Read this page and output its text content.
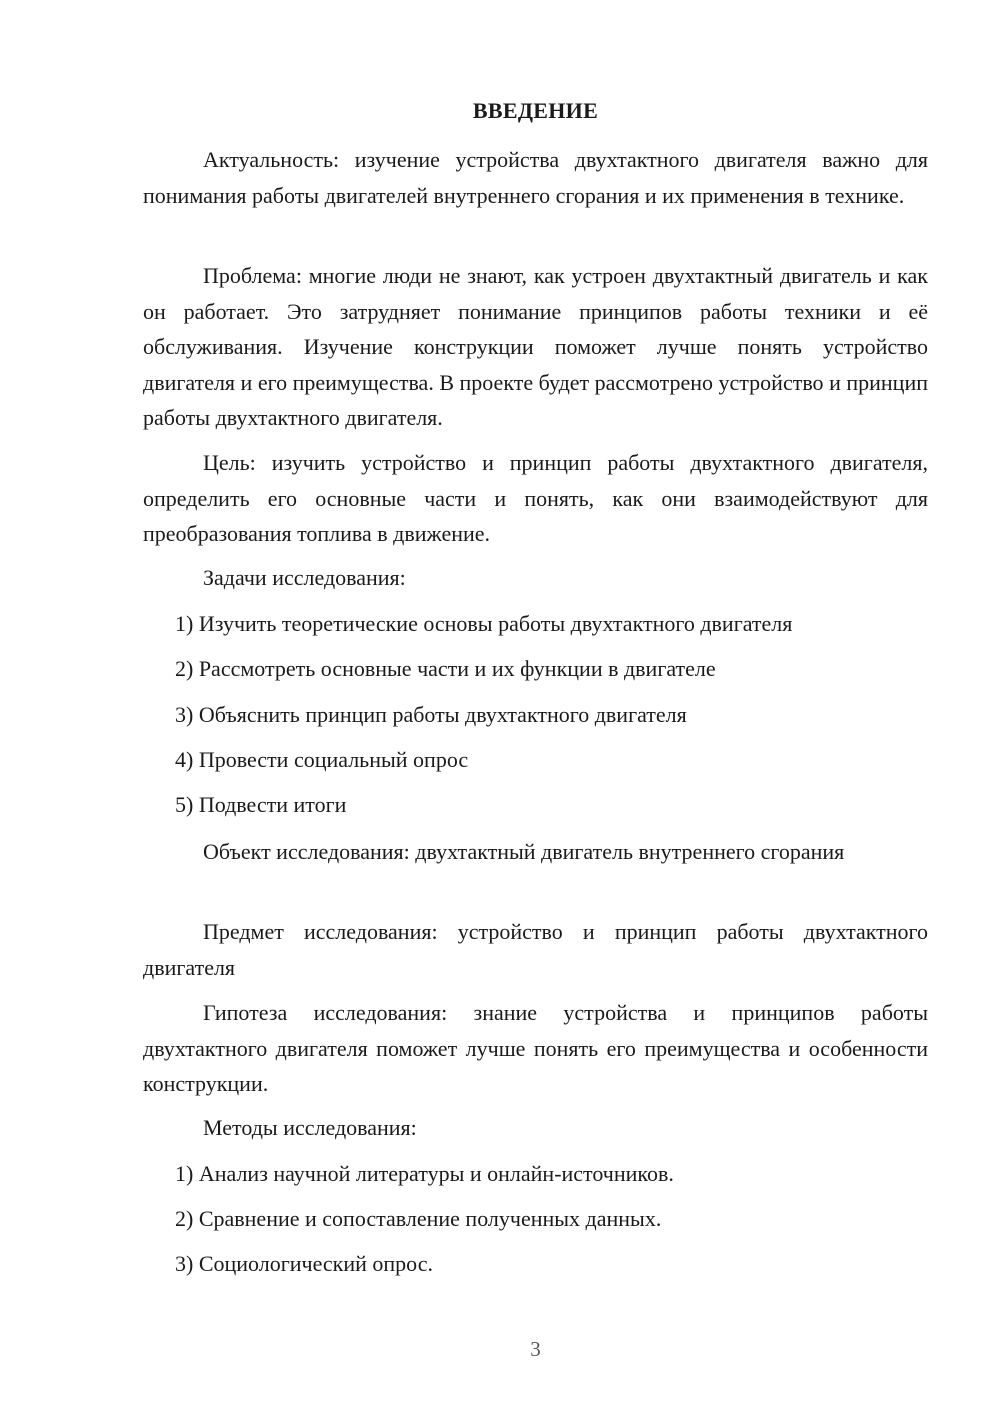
ВВЕДЕНИЕ

Актуальность: изучение устройства двухтактного двигателя важно для понимания работы двигателей внутреннего сгорания и их применения в технике.

Проблема: многие люди не знают, как устроен двухтактный двигатель и как он работает. Это затрудняет понимание принципов работы техники и её обслуживания. Изучение конструкции поможет лучше понять устройство двигателя и его преимущества. В проекте будет рассмотрено устройство и принцип работы двухтактного двигателя.

Цель: изучить устройство и принцип работы двухтактного двигателя, определить его основные части и понять, как они взаимодействуют для преобразования топлива в движение.

Задачи исследования:

1) Изучить теоретические основы работы двухтактного двигателя

2) Рассмотреть основные части и их функции в двигателе

3) Объяснить принцип работы двухтактного двигателя

4) Провести социальный опрос

5) Подвести итоги

Объект исследования: двухтактный двигатель внутреннего сгорания

Предмет исследования: устройство и принцип работы двухтактного двигателя

Гипотеза исследования: знание устройства и принципов работы двухтактного двигателя поможет лучше понять его преимущества и особенности конструкции.

Методы исследования:

1) Анализ научной литературы и онлайн-источников.

2) Сравнение и сопоставление полученных данных.

3) Социологический опрос.

3
